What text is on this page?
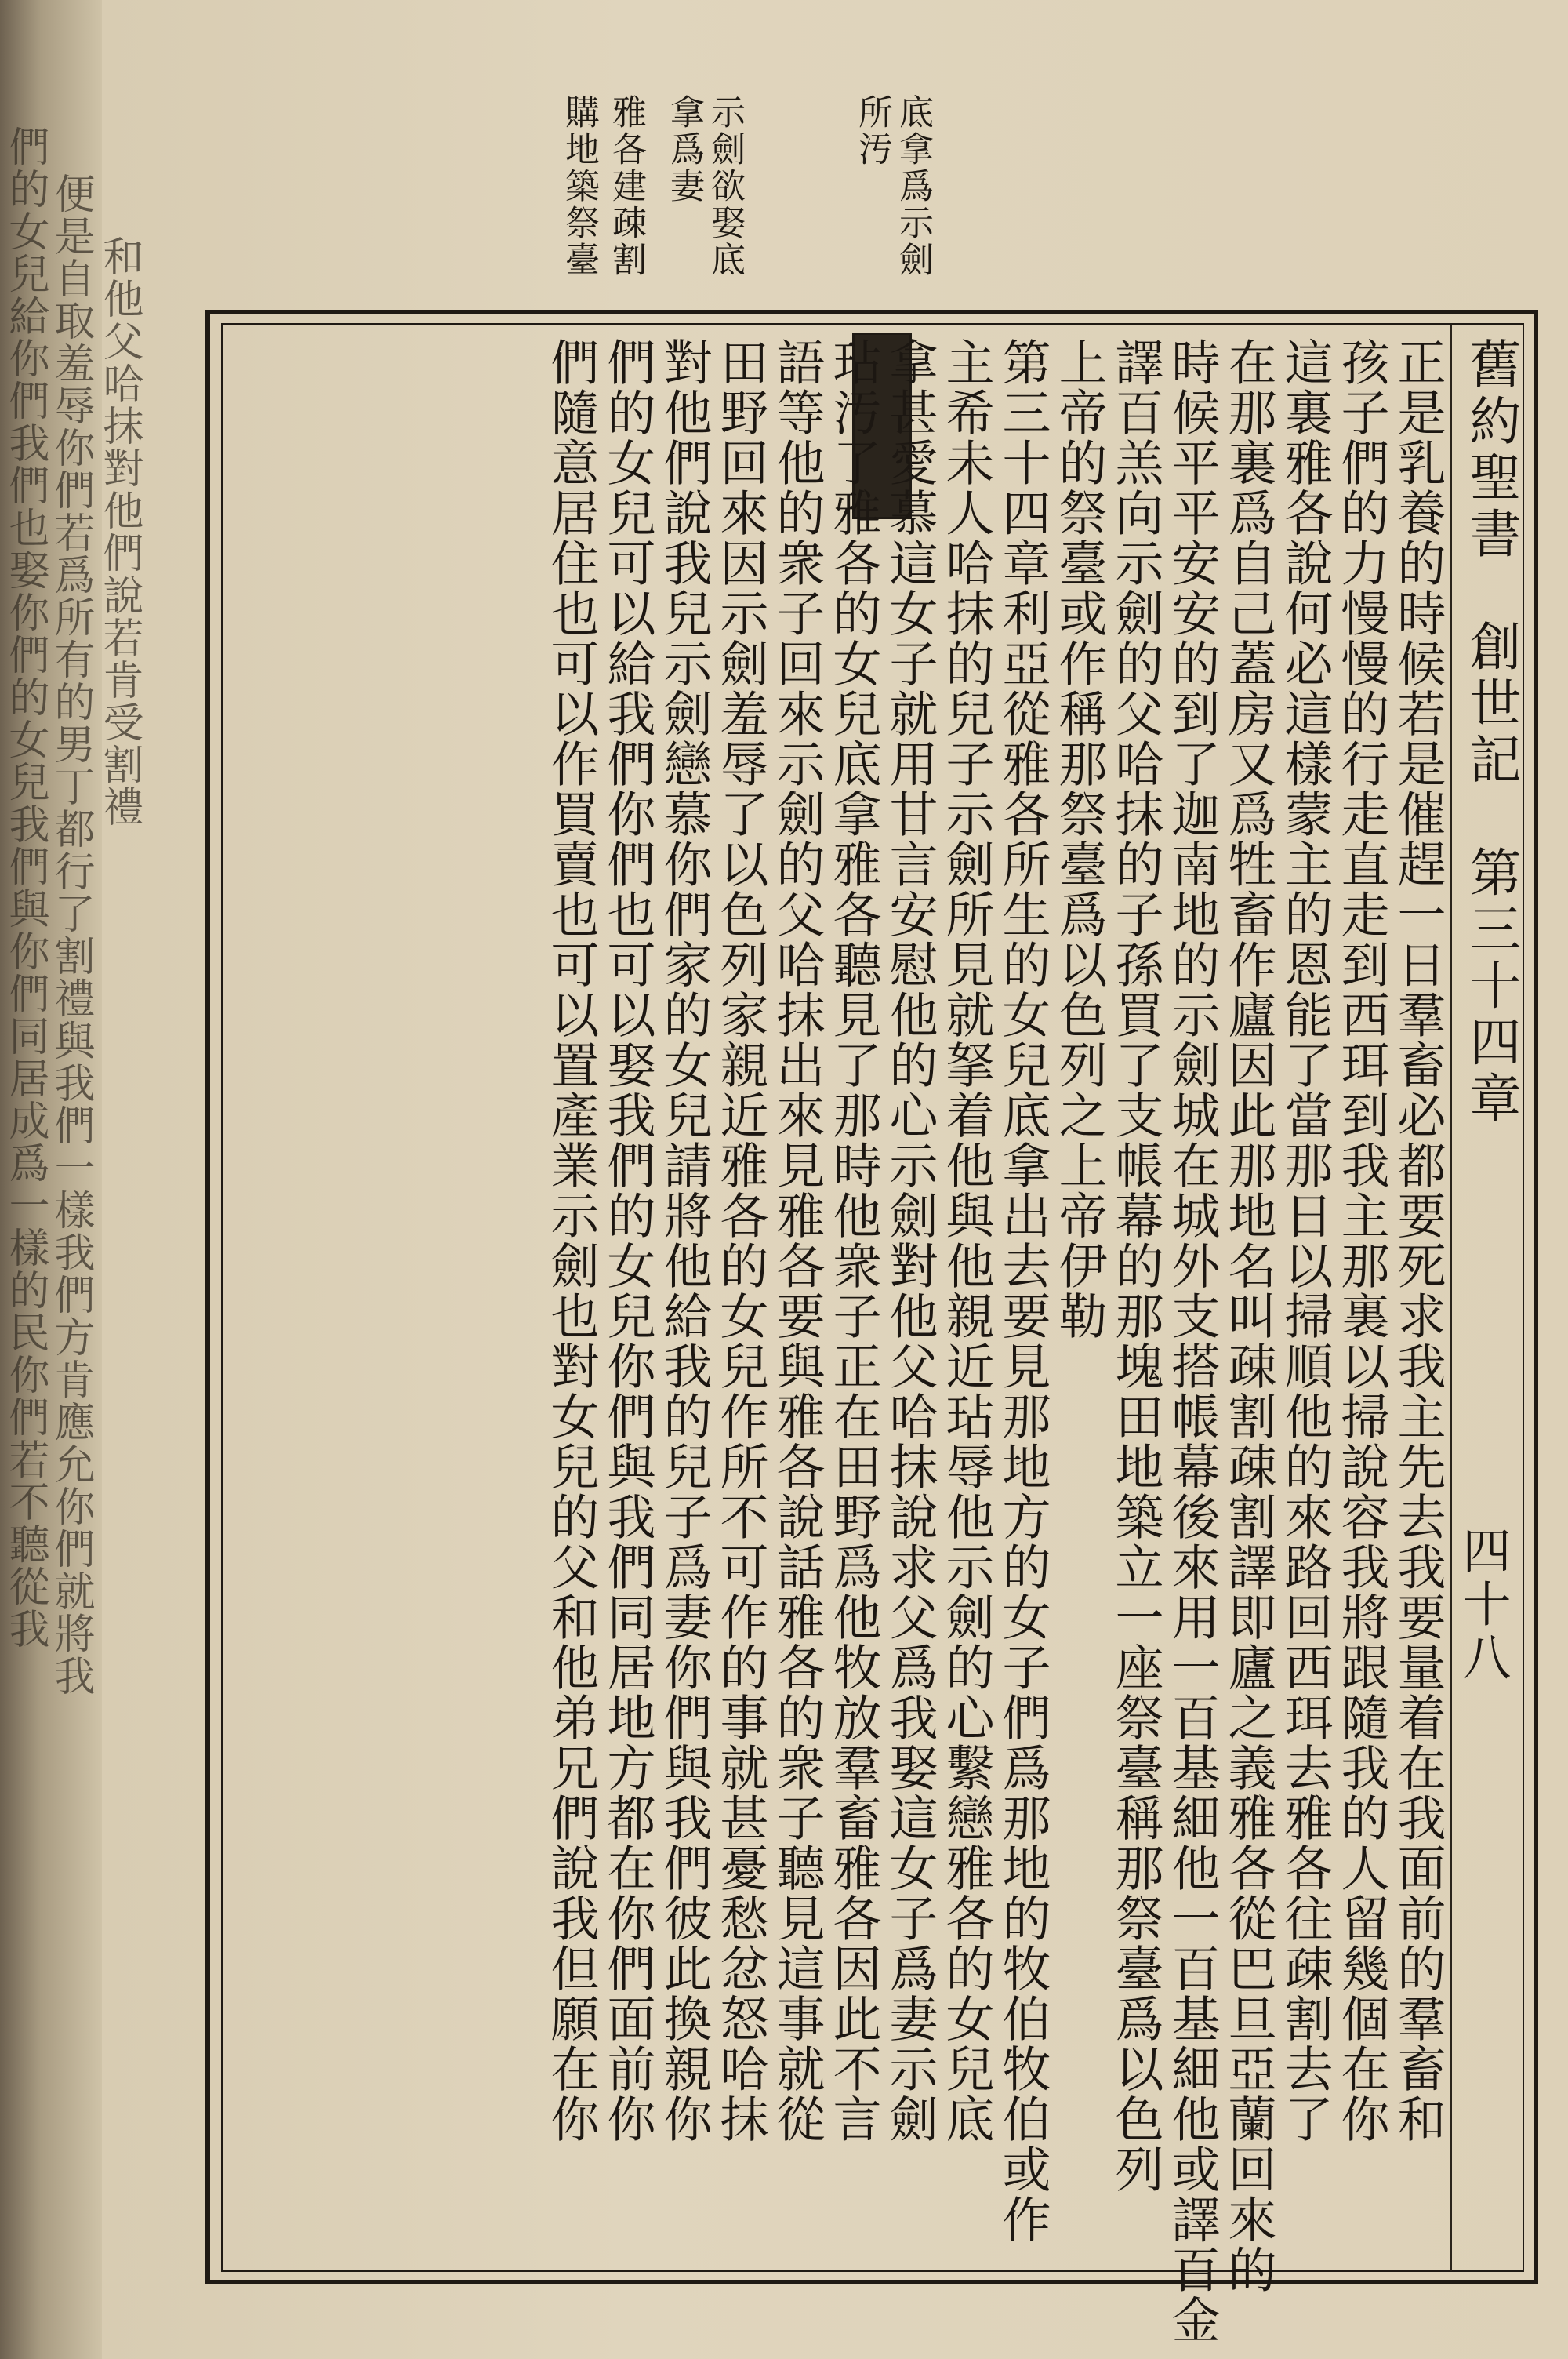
和他父哈抹對他們說若肯受割禮
便是自取羞辱你們若爲所有的男丁都行了割禮與我們一樣我們方肯應允你們就將我
們的女兒給你們我們也娶你們的女兒我們與你們同居成爲一樣的民你們若不聽從我	雅各建疎割
購地築祭臺	底拿爲示劍所汚
示劍欲娶底拿爲妻
舊約聖書　創世記　第三十四章
四十八
正是乳養的時候若是催趕一日羣畜必都要死求我主先去我要量着在我面前的羣畜和
孩子們的力慢慢的行走直走到西珥到我主那裏以掃說容我將跟隨我的人留幾個在你
這裏雅各說何必這樣蒙主的恩能了當那日以掃順他的來路回西珥去雅各往疎割去了
在那裏爲自己蓋房又爲牲畜作廬因此那地名叫疎割疎割譯即廬之義雅各從巴旦亞蘭回來的
時候平平安安的到了迦南地的示劍城在城外支搭帳幕後來用一百基細他一百基細他或譯百金
譯百羔向示劍的父哈抹的子孫買了支帳幕的那塊田地築立一座祭臺稱那祭臺爲以色列
上帝的祭臺或作稱那祭臺爲以色列之上帝伊勒
第三十四章利亞從雅各所生的女兒底拿出去要見那地方的女子們爲那地的牧伯牧伯或作
主希未人哈抹的兒子示劍所見就拏着他與他親近玷辱他示劍的心繫戀雅各的女兒底
拿甚愛慕這女子就用甘言安慰他的心示劍對他父哈抹說求父爲我娶這女子爲妻示劍
玷汚了雅各的女兒底拿雅各聽見了那時他衆子正在田野爲他牧放羣畜雅各因此不言
語等他的衆子回來示劍的父哈抹出來見雅各要與雅各說話雅各的衆子聽見這事就從
田野回來因示劍羞辱了以色列家親近雅各的女兒作所不可作的事就甚憂愁忿怒哈抹
對他們說我兒示劍戀慕你們家的女兒請將他給我的兒子爲妻你們與我們彼此換親你
們的女兒可以給我們你們也可以娶我們的女兒你們與我們同居地方都在你們面前你
們隨意居住也可以作買賣也可以置產業示劍也對女兒的父和他弟兄們說我但願在你
